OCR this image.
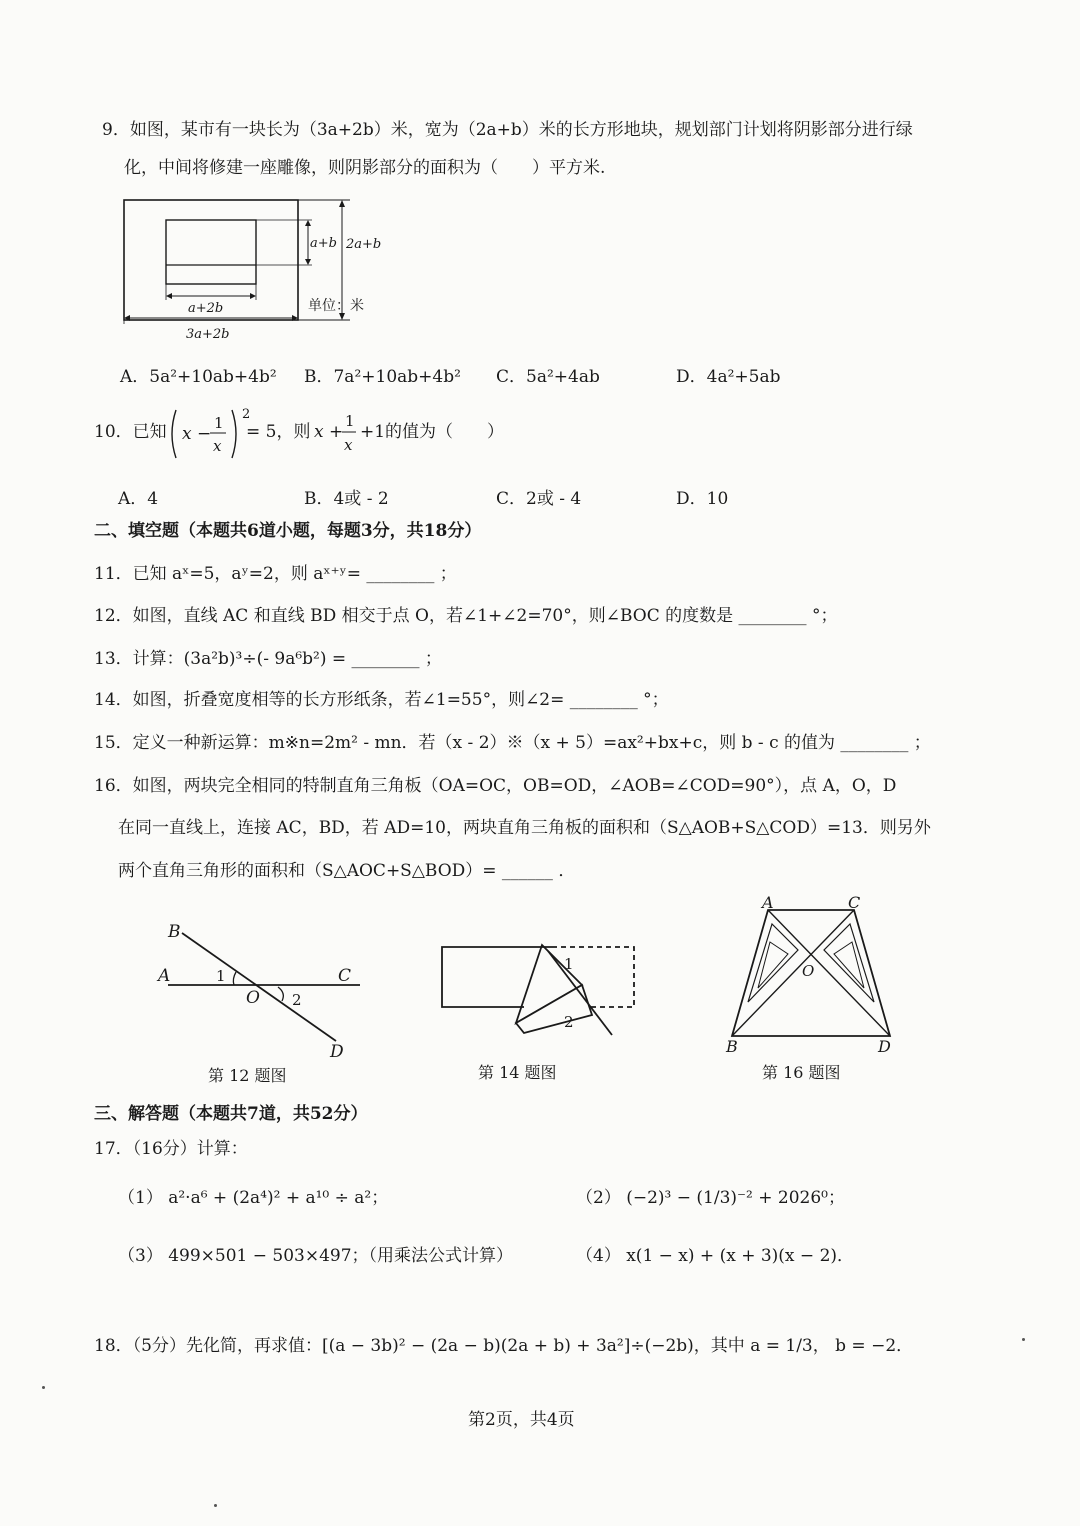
9．如图，某市有一块长为（3a+2b）米，宽为（2a+b）米的长方形地块，规划部门计划将阴影部分进行绿
化，中间将修建一座雕像，则阴影部分的面积为（　　）平方米.
a+b 2a+b
a+2b
3a+2b
单位：米
A．5a²+10ab+4b² B．7a²+10ab+4b² C．5a²+4ab	D．4a²+5ab
10．已知 x −
1
x
2
= 5，则 x +
1
x
+1的值为（　　）
A．4	B．4或 - 2	C．2或 - 4	D．10
二、填空题（本题共6道小题，每题3分，共18分）
11．已知 aˣ=5，aʸ=2，则 aˣ⁺ʸ= ________ ；
12．如图，直线 AC 和直线 BD 相交于点 O，若∠1+∠2=70°，则∠BOC 的度数是 ________ °；
13．计算：(3a²b)³÷(- 9a⁶b²) = ________ ；
14．如图，折叠宽度相等的长方形纸条，若∠1=55°，则∠2= ________ °；
15．定义一种新运算：m※n=2m² - mn．若（x - 2）※（x + 5）=ax²+bx+c，则 b - c 的值为 ________ ；
16．如图，两块完全相同的特制直角三角板（OA=OC，OB=OD，∠AOB=∠COD=90°），点 A，O，D
在同一直线上，连接 AC，BD，若 AD=10，两块直角三角板的面积和（S△AOB+S△COD）=13．则另外
两个直角三角形的面积和（S△AOC+S△BOD）= ______ ．
B
A	1
O 2
C
D
第 12 题图
1
2
第 14 题图
A	C
O
B	D
第 16 题图
三、解答题（本题共7道，共52分）
17．（16分）计算：
（1） a²·a⁶ + (2a⁴)² + a¹⁰ ÷ a²；	（2） (−2)³ − (1/3)⁻² + 2026⁰；
（3） 499×501 − 503×497；（用乘法公式计算）	（4） x(1 − x) + (x + 3)(x − 2)．
18．（5分）先化简，再求值：[(a − 3b)² − (2a − b)(2a + b) + 3a²]÷(−2b)，其中 a = 1/3， b = −2．
第2页，共4页
